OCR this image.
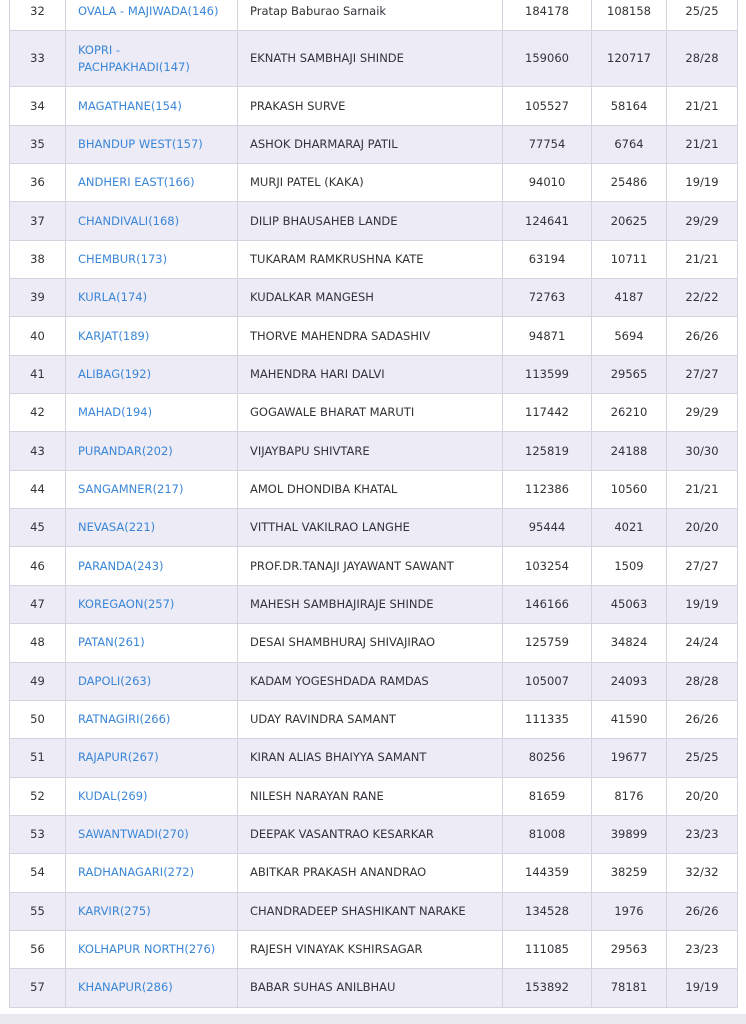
32	OVALA - MAJIWADA(146)	Pratap Baburao Sarnaik	184178	108158	25/25
33	KOPRI -
PACHPAKHADI(147)	EKNATH SAMBHAJI SHINDE	159060	120717	28/28
34	MAGATHANE(154)	PRAKASH SURVE	105527	58164	21/21
35	BHANDUP WEST(157)	ASHOK DHARMARAJ PATIL	77754	6764	21/21
36	ANDHERI EAST(166)	MURJI PATEL (KAKA)	94010	25486	19/19
37	CHANDIVALI(168)	DILIP BHAUSAHEB LANDE	124641	20625	29/29
38	CHEMBUR(173)	TUKARAM RAMKRUSHNA KATE	63194	10711	21/21
39	KURLA(174)	KUDALKAR MANGESH	72763	4187	22/22
40	KARJAT(189)	THORVE MAHENDRA SADASHIV	94871	5694	26/26
41	ALIBAG(192)	MAHENDRA HARI DALVI	113599	29565	27/27
42	MAHAD(194)	GOGAWALE BHARAT MARUTI	117442	26210	29/29
43	PURANDAR(202)	VIJAYBAPU SHIVTARE	125819	24188	30/30
44	SANGAMNER(217)	AMOL DHONDIBA KHATAL	112386	10560	21/21
45	NEVASA(221)	VITTHAL VAKILRAO LANGHE	95444	4021	20/20
46	PARANDA(243)	PROF.DR.TANAJI JAYAWANT SAWANT	103254	1509	27/27
47	KOREGAON(257)	MAHESH SAMBHAJIRAJE SHINDE	146166	45063	19/19
48	PATAN(261)	DESAI SHAMBHURAJ SHIVAJIRAO	125759	34824	24/24
49	DAPOLI(263)	KADAM YOGESHDADA RAMDAS	105007	24093	28/28
50	RATNAGIRI(266)	UDAY RAVINDRA SAMANT	111335	41590	26/26
51	RAJAPUR(267)	KIRAN ALIAS BHAIYYA SAMANT	80256	19677	25/25
52	KUDAL(269)	NILESH NARAYAN RANE	81659	8176	20/20
53	SAWANTWADI(270)	DEEPAK VASANTRAO KESARKAR	81008	39899	23/23
54	RADHANAGARI(272)	ABITKAR PRAKASH ANANDRAO	144359	38259	32/32
55	KARVIR(275)	CHANDRADEEP SHASHIKANT NARAKE	134528	1976	26/26
56	KOLHAPUR NORTH(276)	RAJESH VINAYAK KSHIRSAGAR	111085	29563	23/23
57	KHANAPUR(286)	BABAR SUHAS ANILBHAU	153892	78181	19/19
